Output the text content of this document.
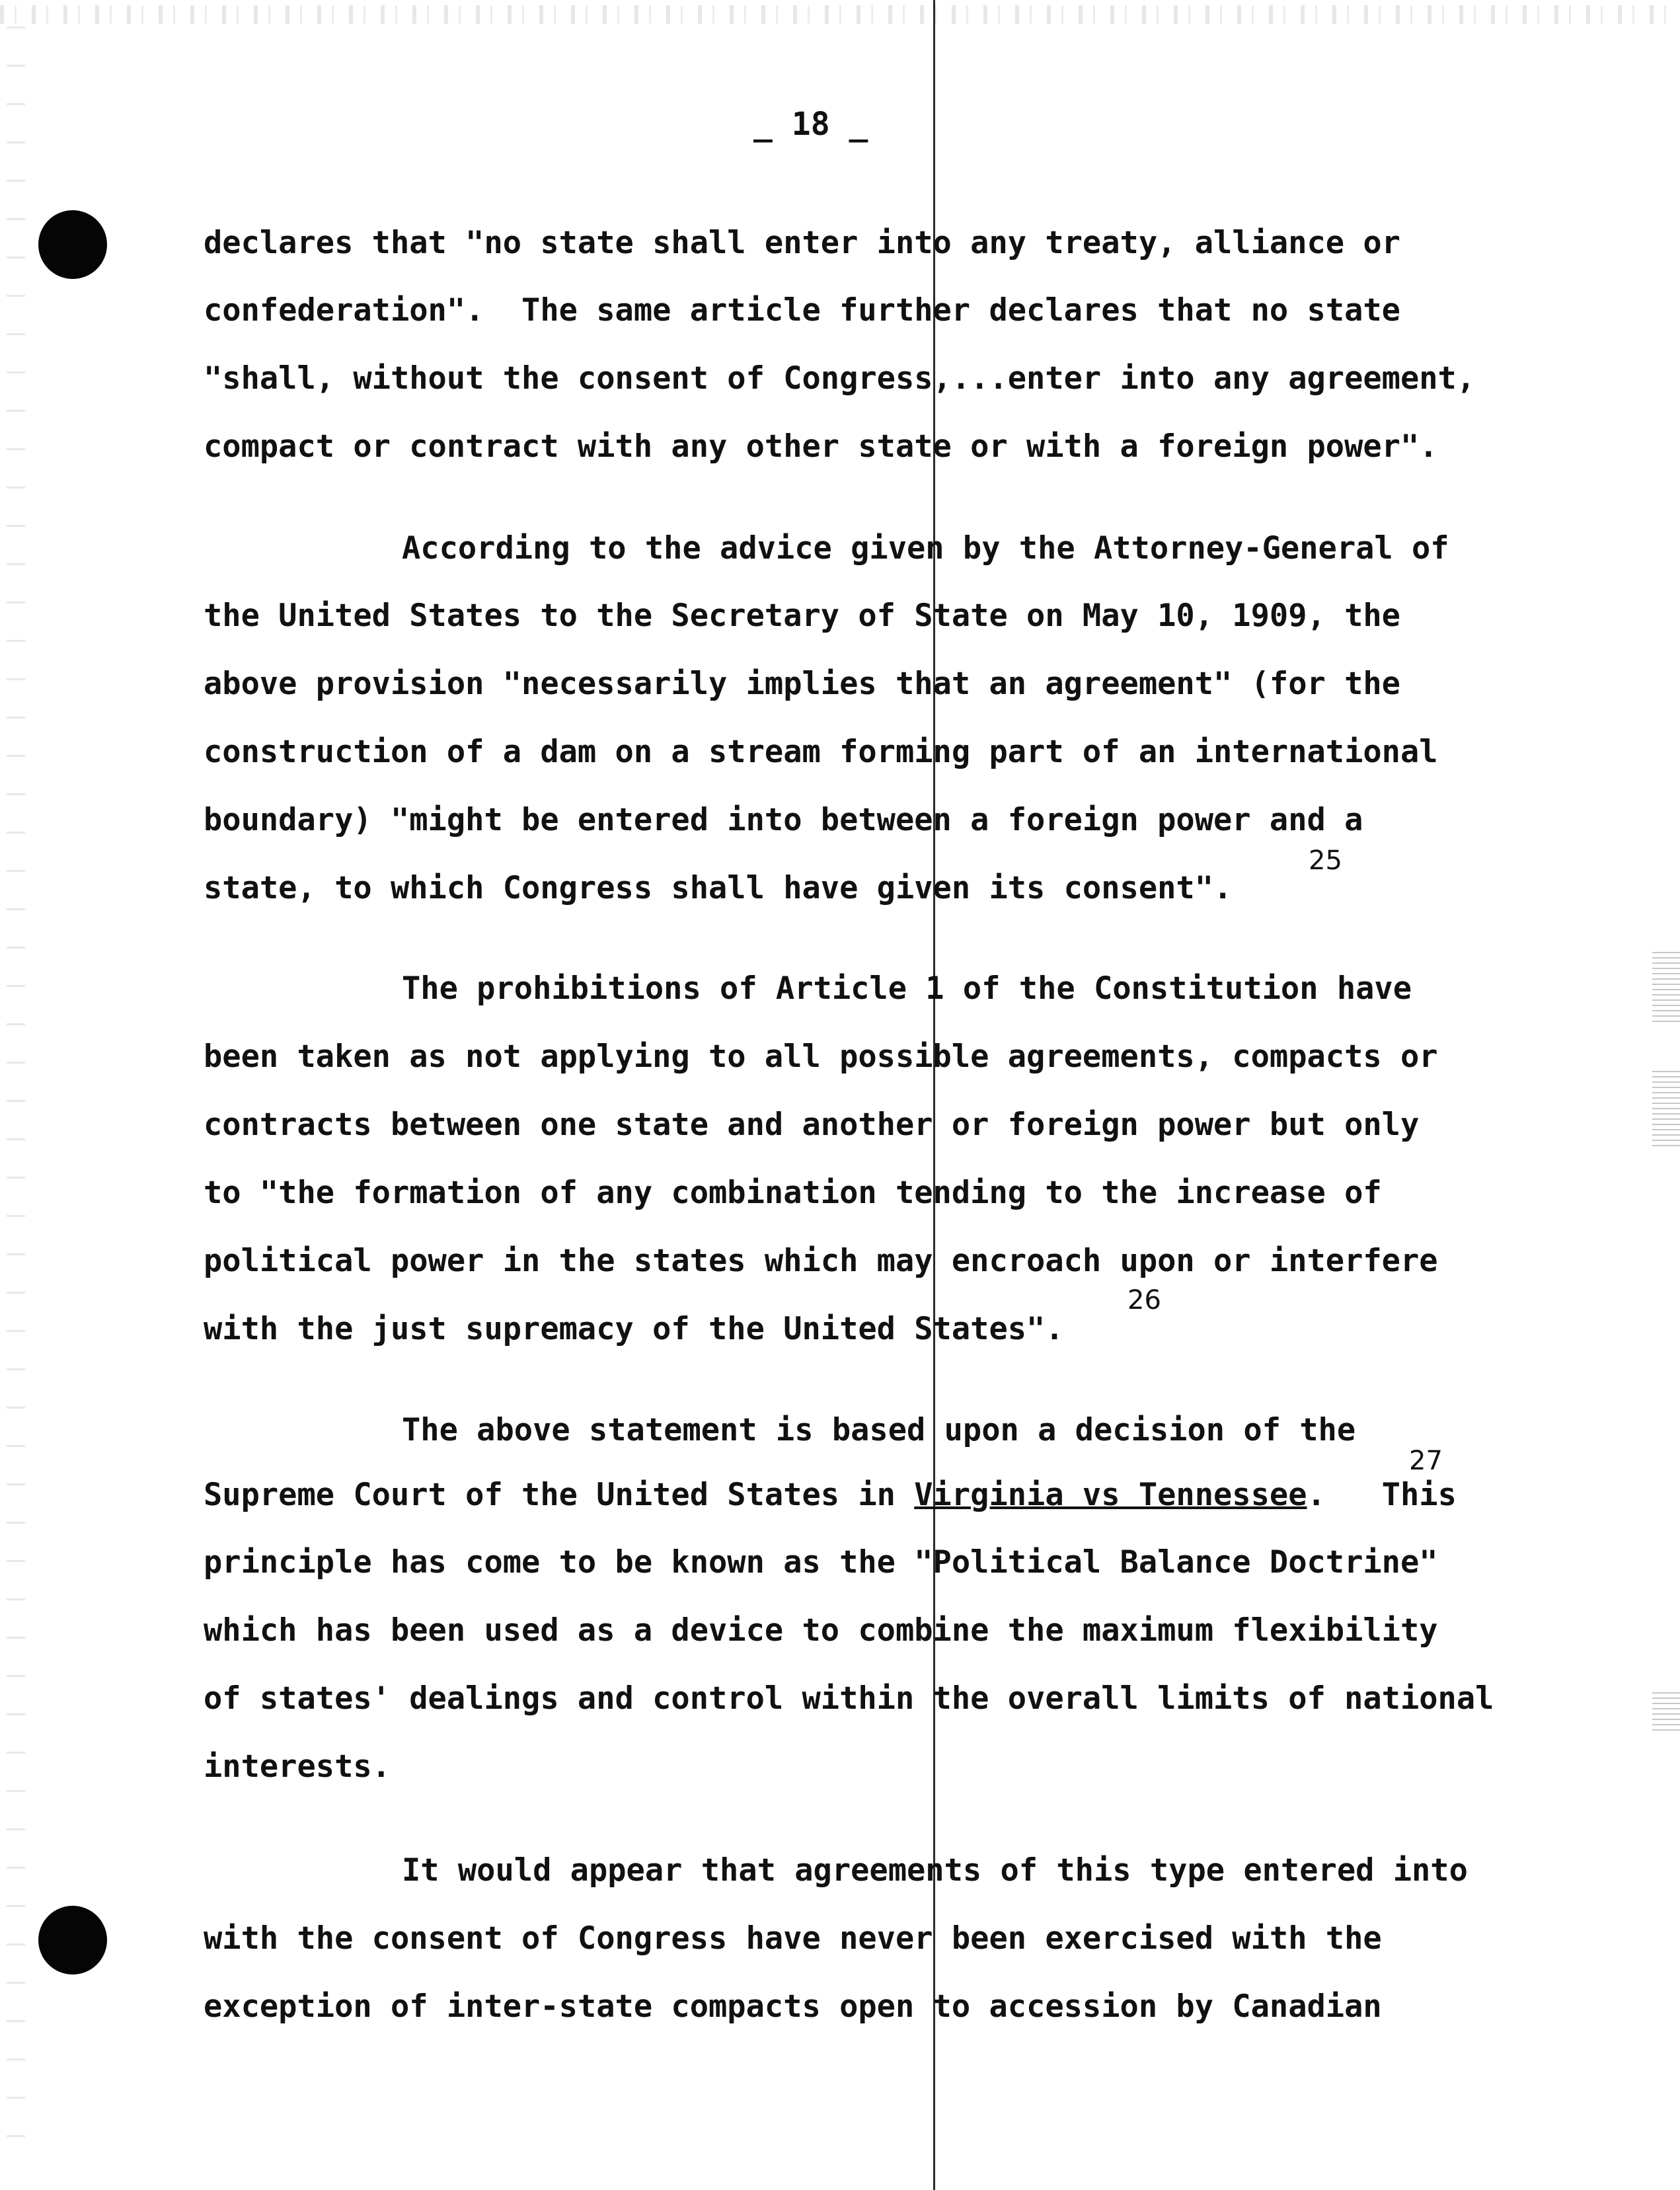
_ 18 _

declares that "no state shall enter into any treaty, alliance or

confederation".  The same article further declares that no state

"shall, without the consent of Congress,...enter into any agreement,

compact or contract with any other state or with a foreign power".

According to the advice given by the Attorney-General of

the United States to the Secretary of State on May 10, 1909, the

above provision "necessarily implies that an agreement" (for the

construction of a dam on a stream forming part of an international

boundary) "might be entered into between a foreign power and a

state, to which Congress shall have given its consent".

25

The prohibitions of Article 1 of the Constitution have

been taken as not applying to all possible agreements, compacts or

contracts between one state and another or foreign power but only

to "the formation of any combination tending to the increase of

political power in the states which may encroach upon or interfere

with the just supremacy of the United States".

26

The above statement is based upon a decision of the

Supreme Court of the United States in Virginia vs Tennessee.   This

27

principle has come to be known as the "Political Balance Doctrine"

which has been used as a device to combine the maximum flexibility

of states' dealings and control within the overall limits of national

interests.

It would appear that agreements of this type entered into

with the consent of Congress have never been exercised with the

exception of inter-state compacts open to accession by Canadian
